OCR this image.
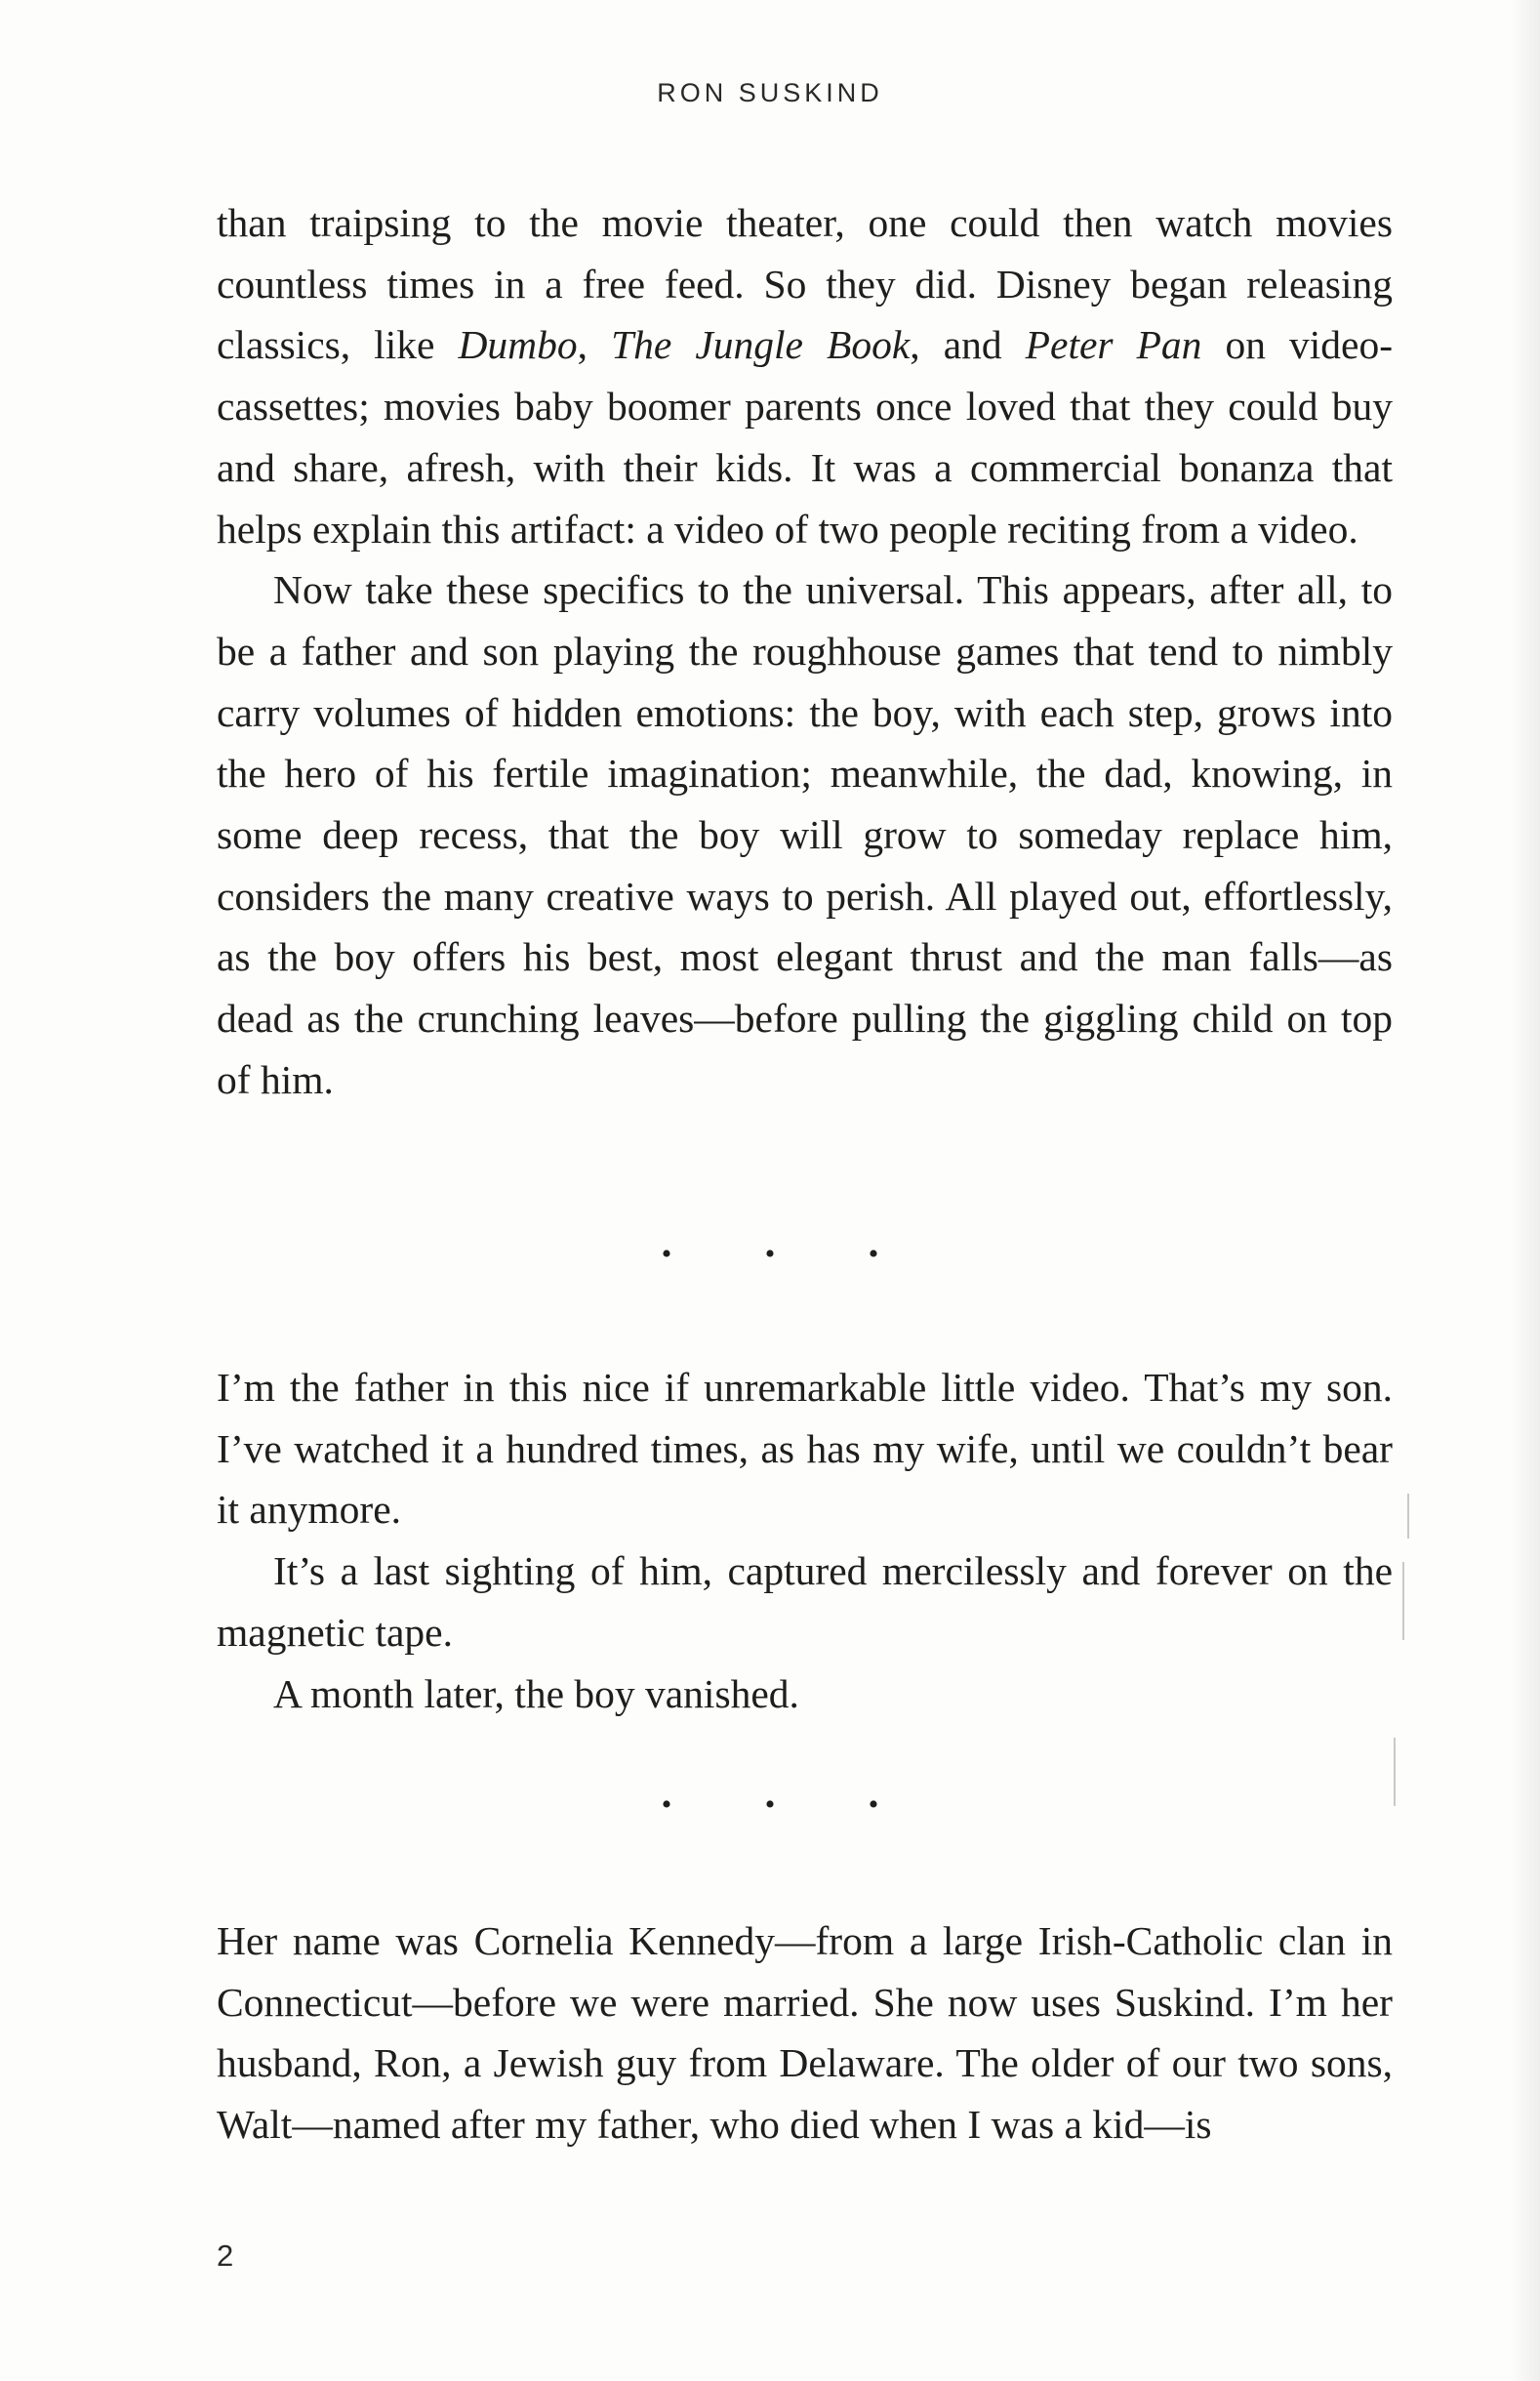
RON SUSKIND

than traipsing to the movie theater, one could then watch movies countless times in a free feed. So they did. Disney began releasing classics, like Dumbo, The Jungle Book, and Peter Pan on videocassettes; movies baby boomer parents once loved that they could buy and share, afresh, with their kids. It was a commercial bonanza that helps explain this artifact: a video of two people reciting from a video.

Now take these specifics to the universal. This appears, after all, to be a father and son playing the roughhouse games that tend to nimbly carry volumes of hidden emotions: the boy, with each step, grows into the hero of his fertile imagination; meanwhile, the dad, knowing, in some deep recess, that the boy will grow to someday replace him, considers the many creative ways to perish. All played out, effortlessly, as the boy offers his best, most elegant thrust and the man falls—as dead as the crunching leaves—before pulling the giggling child on top of him.

• • •

I’m the father in this nice if unremarkable little video. That’s my son. I’ve watched it a hundred times, as has my wife, until we couldn’t bear it anymore.

It’s a last sighting of him, captured mercilessly and forever on the magnetic tape.

A month later, the boy vanished.

• • •

Her name was Cornelia Kennedy—from a large Irish-Catholic clan in Connecticut—before we were married. She now uses Suskind. I’m her husband, Ron, a Jewish guy from Delaware. The older of our two sons, Walt—named after my father, who died when I was a kid—is

2
